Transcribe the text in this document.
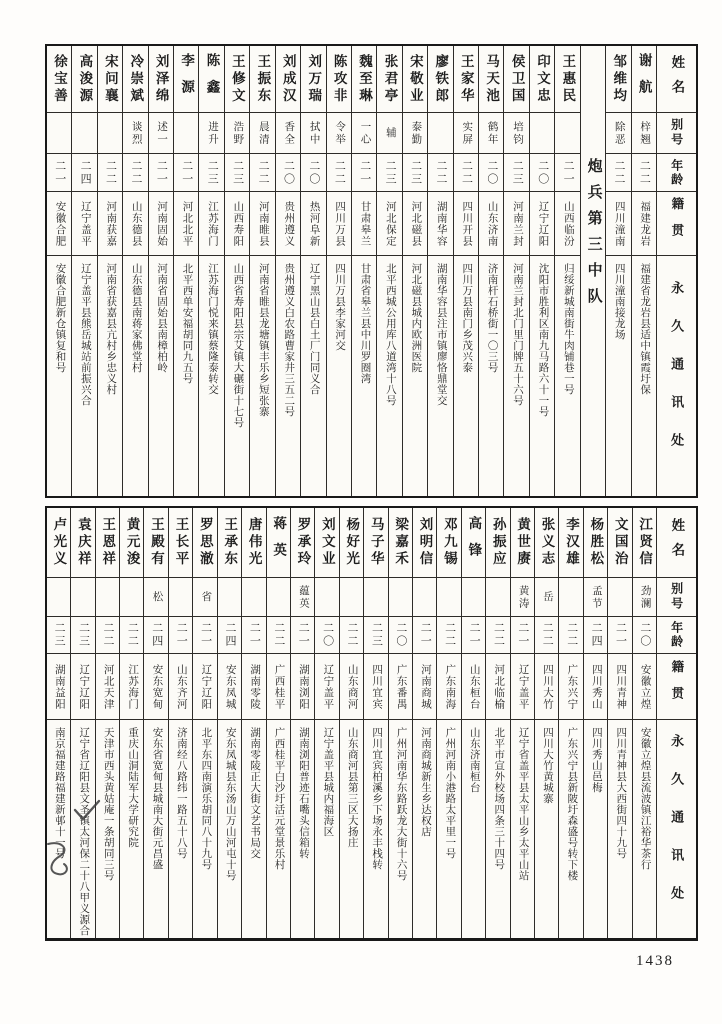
姓名
别号
年龄
籍贯
永久通讯处
谢航
梓翘
二二
福建龙岩
福建省龙岩县适中镇霞圩保
邹维均
除恶
二二
四川潼南
四川潼南接龙场
炮兵第三中队
王惠民
二一
山西临汾
归绥新城南街牛肉铺巷一号
印文忠
二〇
辽宁辽阳
沈阳市胜利区南九马路六十一号
侯卫国
培钧
二三
河南兰封
河南兰封北门里门牌五十六号
马天池
鹤年
二〇
山东济南
济南杆石桥街一〇三号
王家华
实屏
二二
四川开县
四川万县南门乡茂兴泰
廖铁郎
二二
湖南华容
湖南华容县注市镇廖恪鼎堂交
宋敬业
泰勤
二三
河北磁县
河北磁县城内欧洲医院
张君亭
辅
二三
河北保定
北平西城公用库八道湾十八号
魏至琳
一心
二一
甘肃皋兰
甘肃省皋兰县中川罗圈湾
陈攻非
令举
二二
四川万县
四川万县李家河交
刘万瑞
拭中
二〇
热河阜新
辽宁黑山县白土厂门同义合
刘成汉
香全
二〇
贵州遵义
贵州遵义白农路曹家井三五二号
王振东
晨清
二二
河南睢县
河南省睢县龙塘镇丰乐乡短张寨
王修文
浩野
二三
山西寿阳
山西省寿阳县宗艾镇大碾街十七号
陈鑫
进升
二三
江苏海门
江苏海门悦来镇蔡隆泰转交
李源
二一
河北北平
北平西单安福胡同九五号
刘泽绵
述一
二一
河南固始
河南省固始县南樟柏岭
冷崇斌
谈烈
二二
山东德县
山东德县南蒋家佛堂村
宋问襄
二二
河南获嘉
河南省获嘉县亢村乡忠义村
高浚源
二四
辽宁盖平
辽宁盖平县熊岳城站前振兴合
徐宝善
二一
安徽合肥
安徽合肥新仓镇复和号
姓名
别号
年龄
籍贯
永久通讯处
江贤信
劲澜
二〇
安徽立煌
安徽立煌县流波镇江裕华茶行
文国治
二一
四川青神
四川青神县大西街四十九号
杨胜松
孟节
二四
四川秀山
四川秀山邑梅
李汉雄
二二
广东兴宁
广东兴宁县新陂圩森盛号转下楼
张义志
岳
二二
四川大竹
四川大竹黄城寨
黄世赓
黄涛
二一
辽宁盖平
辽宁省盖平县太平山乡太平山站
孙振应
二二
河北临榆
北平市宣外校场四条三十四号
高锋
二一
山东桓台
山东济南桓台
邓九锡
二二
广东南海
广州河南小港路太平里一号
刘明信
二一
河南商城
河南商城新生乡达权店
梁嘉禾
二〇
广东番禺
广州河南华东路跃龙大街十六号
马子华
二三
四川宜宾
四川宜宾柏溪乡下场永丰栈转
杨好光
二二
山东商河
山东商河县第三区大扬庄
刘文业
二〇
辽宁盖平
辽宁盖平县城内福海区
罗承玲
蕴英
二一
湖南浏阳
湖南浏阳普迹石嘴头信箱转
蒋英
二二
广西桂平
广西桂平白沙圩活元堂景乐村
唐伟光
二一
湖南零陵
湖南零陵正大街文艺书局交
王承东
二四
安东凤城
安东凤城县东汤山万山河屯十号
罗思澈
省
二一
辽宁辽阳
北平东四南演乐胡同八十九号
王长平
二一
山东齐河
济南经八路纬一路五十八号
王殿有
松
二四
安东宽甸
安东省宽甸县城南大街元昌盛
黄元浚
二二
江苏海门
重庆山洞陆军大学研究院
王恩祥
二二
河北天津
天津市西头黄姑庵一条胡同三号
袁庆祥
二三
辽宁辽阳
辽宁省辽阳县文圣镇太河保二十八甲义源合
卢光义
二三
湖南益阳
南京福建路福建新邨十一号
1438
